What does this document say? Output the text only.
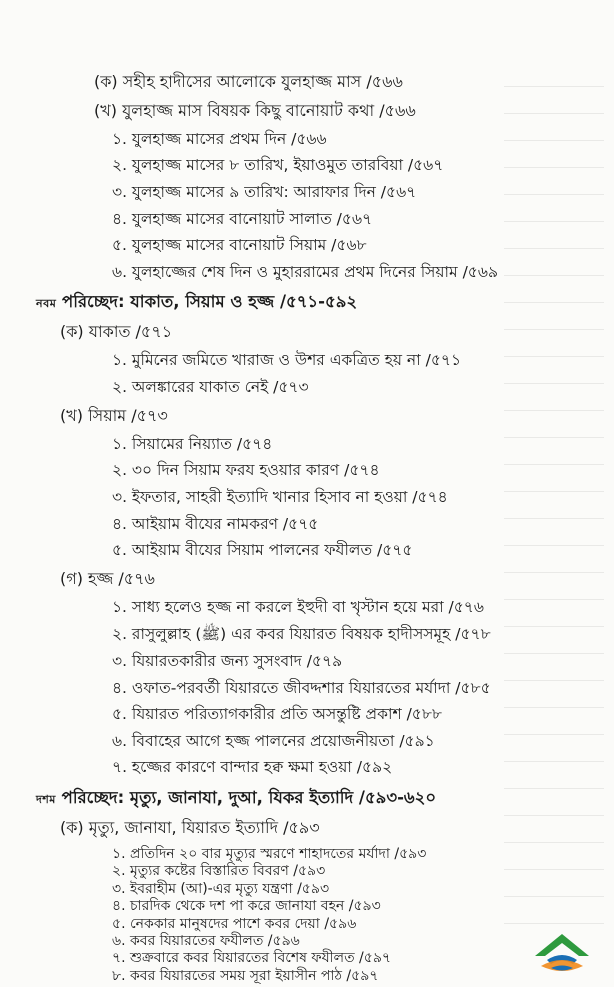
(ক) সহীহ হাদীসের আলোকে যুলহাজ্জ মাস /৫৬৬
(খ) যুলহাজ্জ মাস বিষয়ক কিছু বানোয়াট কথা /৫৬৬
১. যুলহাজ্জ মাসের প্রথম দিন /৫৬৬
২. যুলহাজ্জ মাসের ৮ তারিখ, ইয়াওমুত তারবিয়া /৫৬৭
৩. যুলহাজ্জ মাসের ৯ তারিখ: আরাফার দিন /৫৬৭
৪. যুলহাজ্জ মাসের বানোয়াট সালাত /৫৬৭
৫. যুলহাজ্জ মাসের বানোয়াট সিয়াম /৫৬৮
৬. যুলহাজ্জের শেষ দিন ও মুহাররামের প্রথম দিনের সিয়াম /৫৬৯
নবম পরিচ্ছেদ: যাকাত, সিয়াম ও হজ্জ /৫৭১-৫৯২
(ক) যাকাত /৫৭১
১. মুমিনের জমিতে খারাজ ও উশর একত্রিত হয় না /৫৭১
২. অলঙ্কারের যাকাত নেই /৫৭৩
(খ) সিয়াম /৫৭৩
১. সিয়ামের নিয়্যাত /৫৭৪
২. ৩০ দিন সিয়াম ফরয হওয়ার কারণ /৫৭৪
৩. ইফতার, সাহরী ইত্যাদি খানার হিসাব না হওয়া /৫৭৪
৪. আইয়াম বীযের নামকরণ /৫৭৫
৫. আইয়াম বীযের সিয়াম পালনের ফযীলত /৫৭৫
(গ) হজ্জ /৫৭৬
১. সাধ্য হলেও হজ্জ না করলে ইহুদী বা খৃস্টান হয়ে মরা /৫৭৬
২. রাসুলুল্লাহ (ﷺ) এর কবর যিয়ারত বিষয়ক হাদীসসমূহ /৫৭৮
৩. যিয়ারতকারীর জন্য সুসংবাদ /৫৭৯
৪. ওফাত-পরবর্তী যিয়ারতে জীবদ্দশার যিয়ারতের মর্যাদা /৫৮৫
৫. যিয়ারত পরিত্যাগকারীর প্রতি অসন্তুষ্টি প্রকাশ /৫৮৮
৬. বিবাহের আগে হজ্জ পালনের প্রয়োজনীয়তা /৫৯১
৭. হজ্জের কারণে বান্দার হক্ব ক্ষমা হওয়া /৫৯২
দশম পরিচ্ছেদ: মৃত্যু, জানাযা, দুআ, যিকর ইত্যাদি /৫৯৩-৬২০
(ক) মৃত্যু, জানাযা, যিয়ারত ইত্যাদি /৫৯৩
১. প্রতিদিন ২০ বার মৃত্যুর স্মরণে শাহাদতের মর্যাদা /৫৯৩
২. মৃত্যুর কষ্টের বিস্তারিত বিবরণ /৫৯৩
৩. ইবরাহীম (আ)-এর মৃত্যু যন্ত্রণা /৫৯৩
৪. চারদিক থেকে দশ পা করে জানাযা বহন /৫৯৩
৫. নেককার মানুষদের পাশে কবর দেয়া /৫৯৬
৬. কবর যিয়ারতের ফযীলত /৫৯৬
৭. শুক্রবারে কবর যিয়ারতের বিশেষ ফযীলত /৫৯৭
৮. কবর যিয়ারতের সময় সূরা ইয়াসীন পাঠ /৫৯৭
